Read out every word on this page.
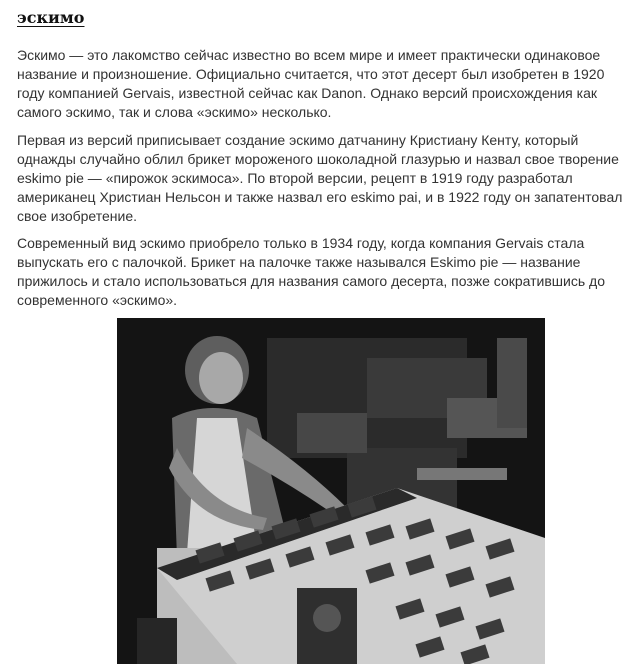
эскимо

Эскимо — это лакомство сейчас известно во всем мире и имеет практически одинаковое название и произношение. Официально считается, что этот десерт был изобретен в 1920 году компанией Gervais, известной сейчас как Danon. Однако версий происхождения как самого эскимо, так и слова «эскимо» несколько.

Первая из версий приписывает создание эскимо датчанину Кристиану Кенту, который однажды случайно облил брикет мороженого шоколадной глазурью и назвал свое творение eskimo pie — «пирожок эскимоса». По второй версии, рецепт в 1919 году разработал американец Христиан Нельсон и также назвал его eskimo pai, и в 1922 году он запатентовал свое изобретение.

Современный вид эскимо приобрело только в 1934 году, когда компания Gervais стала выпускать его с палочкой. Брикет на палочке также назывался Eskimo pie — название прижилось и стало использоваться для названия самого десерта, позже сократившись до современного «эскимо».
